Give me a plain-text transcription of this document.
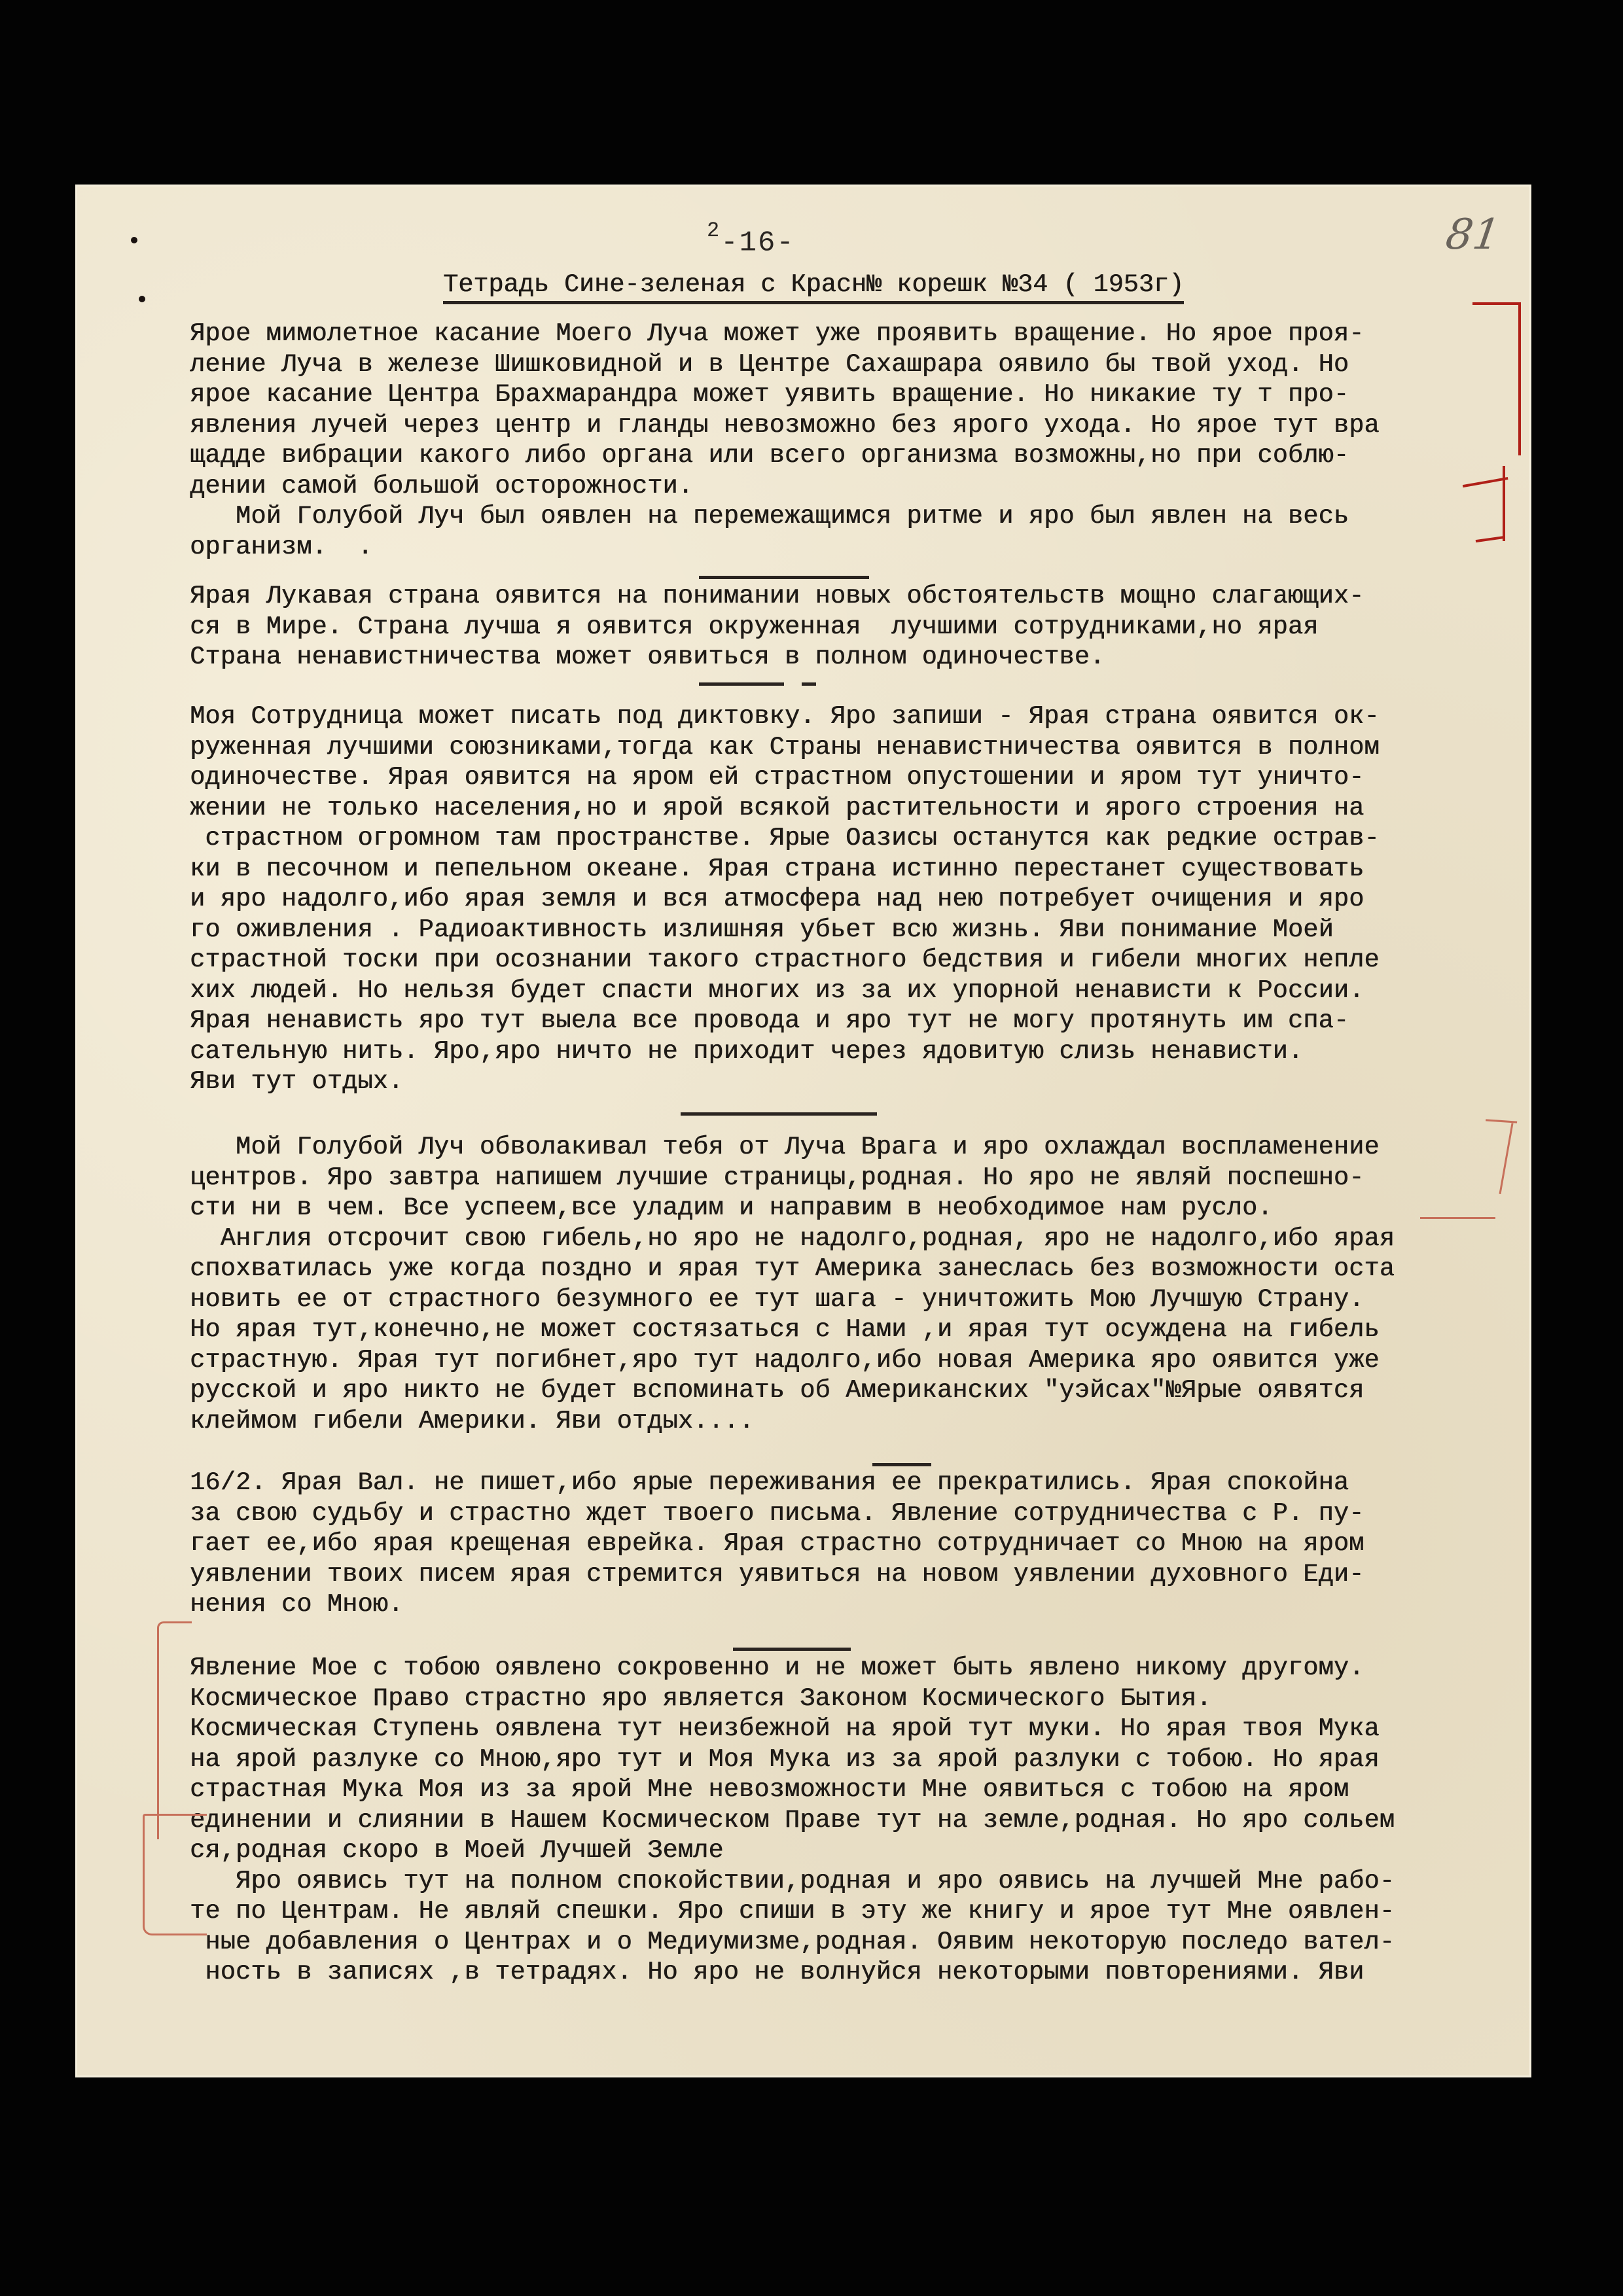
$^2$-16-	81
Тетрадь Сине-зеленая с Красн№ корешк №34 ( 1953г)
Ярое мимолетное касание Моего Луча может уже проявить вращение. Но ярое проя-
ление Луча в железе Шишковидной и в Центре Сахашрара оявило бы твой уход. Но
ярое касание Центра Брахмарандра может уявить вращение. Но никакие ту т про-
явления лучей через центр и гланды невозможно без ярого ухода. Но ярое тут вра
щадде вибрации какого либо органа или всего организма возможны,но при соблю-
дении самой большой осторожности.
Мой Голубой Луч был оявлен на перемежащимся ритме и яро был явлен на весь
организм.  .
Ярая Лукавая страна оявится на понимании новых обстоятельств мощно слагающих-
ся в Мире. Страна лучша я оявится окруженная  лучшими сотрудниками,но ярая
Страна ненавистничества может оявиться в полном одиночестве.
Моя Сотрудница может писать под диктовку. Яро запиши - Ярая страна оявится ок-
руженная лучшими союзниками,тогда как Страны ненавистничества оявится в полном
одиночестве. Ярая оявится на яром ей страстном опустошении и яром тут уничто-
жении не только населения,но и ярой всякой растительности и ярого строения на
страстном огромном там пространстве. Ярые Оазисы останутся как редкие острав-
ки в песочном и пепельном океане. Ярая страна истинно перестанет существовать
и яро надолго,ибо ярая земля и вся атмосфера над нею потребует очищения и яро
го оживления . Радиоактивность излишняя убьет всю жизнь. Яви понимание Моей
страстной тоски при осознании такого страстного бедствия и гибели многих непле
хих людей. Но нельзя будет спасти многих из за их упорной ненависти к России.
Ярая ненависть яро тут выела все провода и яро тут не могу протянуть им спа-
сательную нить. Яро,яро ничто не приходит через ядовитую слизь ненависти.
Яви тут отдых.
Мой Голубой Луч обволакивал тебя от Луча Врага и яро охлаждал воспламенение
центров. Яро завтра напишем лучшие страницы,родная. Но яро не являй поспешно-
сти ни в чем. Все успеем,все уладим и направим в необходимое нам русло.
Англия отсрочит свою гибель,но яро не надолго,родная, яро не надолго,ибо ярая
спохватилась уже когда поздно и ярая тут Америка занеслась без возможности оста
новить ее от страстного безумного ее тут шага - уничтожить Мою Лучшую Страну.
Но ярая тут,конечно,не может состязаться с Нами ,и ярая тут осуждена на гибель
страстную. Ярая тут погибнет,яро тут надолго,ибо новая Америка яро оявится уже
русской и яро никто не будет вспоминать об Американских "уэйсах"№Ярые оявятся
клеймом гибели Америки. Яви отдых....
16/2. Ярая Вал. не пишет,ибо ярые переживания ее прекратились. Ярая спокойна
за свою судьбу и страстно ждет твоего письма. Явление сотрудничества с Р. пу-
гает ее,ибо ярая крещеная еврейка. Ярая страстно сотрудничает со Мною на яром
уявлении твоих писем ярая стремится уявиться на новом уявлении духовного Еди-
нения со Мною.
Явление Мое с тобою оявлено сокровенно и не может быть явлено никому другому.
Космическое Право страстно яро является Законом Космического Бытия.
Космическая Ступень оявлена тут неизбежной на ярой тут муки. Но ярая твоя Мука
на ярой разлуке со Мною,яро тут и Моя Мука из за ярой разлуки с тобою. Но ярая
страстная Мука Моя из за ярой Мне невозможности Мне оявиться с тобою на яром
единении и слиянии в Нашем Космическом Праве тут на земле,родная. Но яро сольем
ся,родная скоро в Моей Лучшей Земле
Яро оявись тут на полном спокойствии,родная и яро оявись на лучшей Мне рабо-
те по Центрам. Не являй спешки. Яро спиши в эту же книгу и ярое тут Мне оявлен-
ные добавления о Центрах и о Медиумизме,родная. Оявим некоторую последо вател-
ность в записях ,в тетрадях. Но яро не волнуйся некоторыми повторениями. Яви
